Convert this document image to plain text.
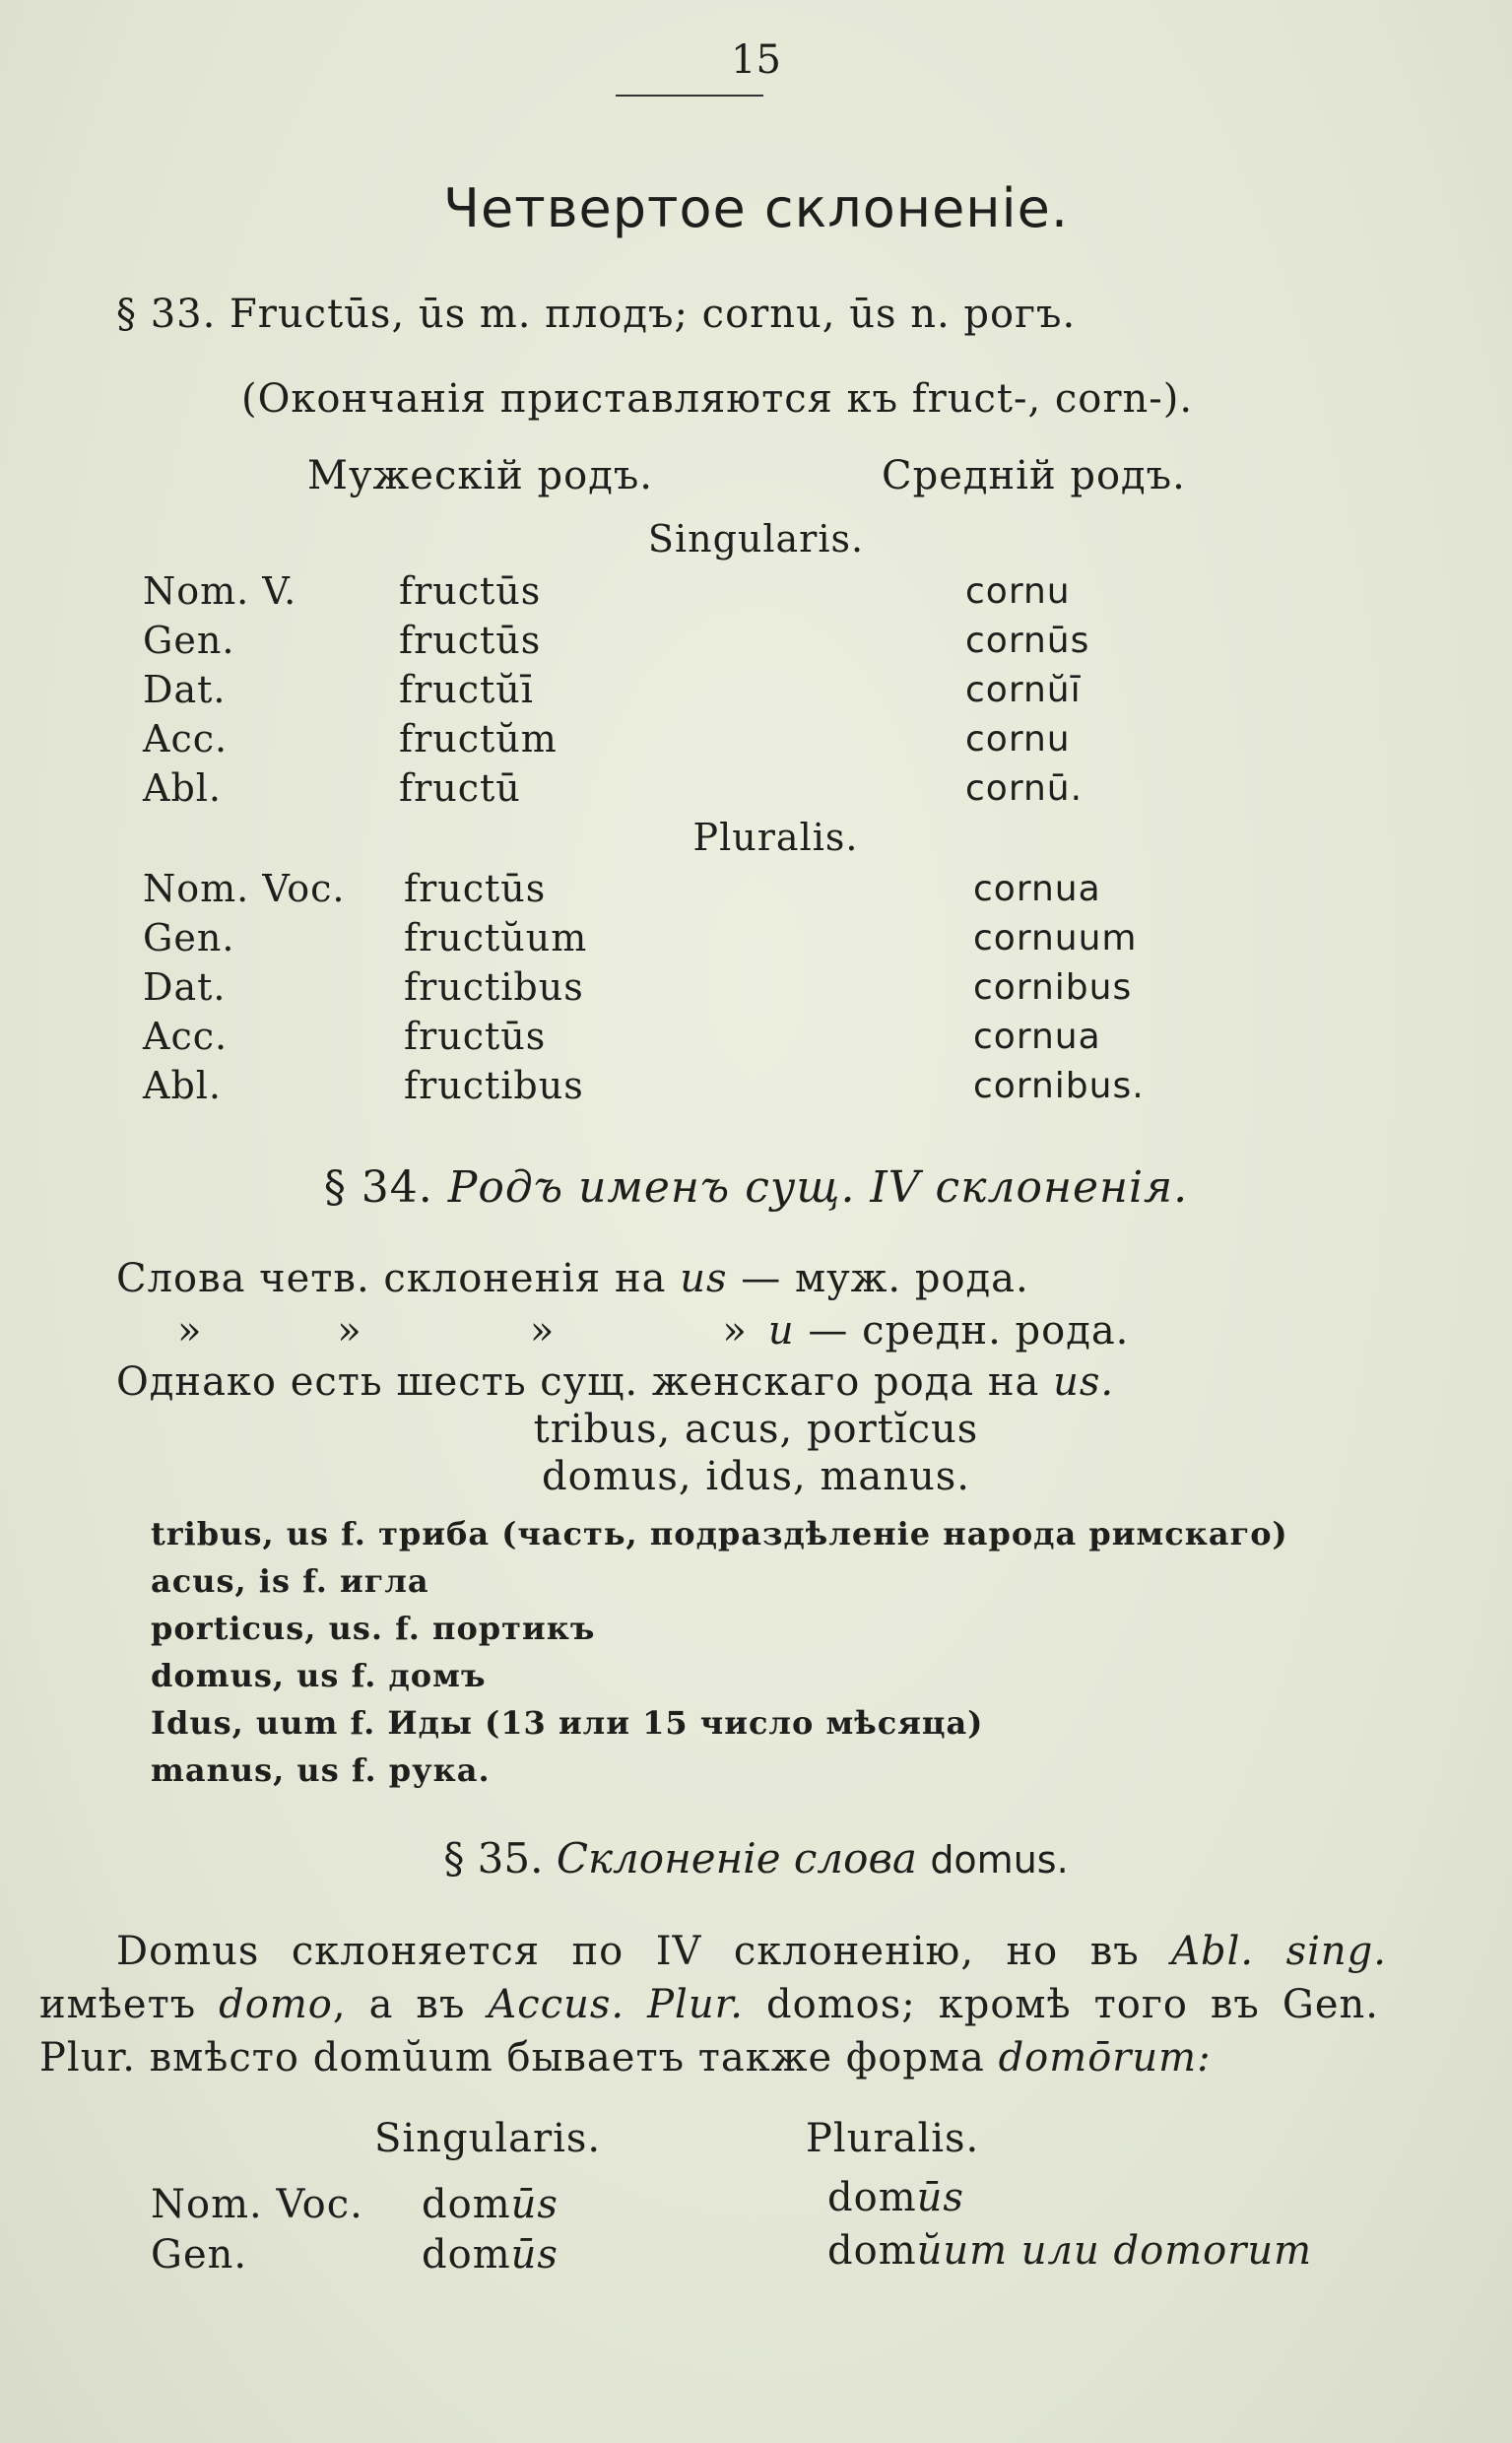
15
Четвертое склоненіе.
§ 33. Fructūs, ūs m. плодъ; cornu, ūs n. рогъ.
(Окончанія приставляются къ fruct-, corn-).
Мужескій родъ.	Средній родъ.
Singularis.
Nom. V.	fructūs	cornu
Gen.	fructūs	cornūs
Dat.	fructŭī	cornŭī
Acc.	fructŭm	cornu
Abl.	fructū	cornū.
Pluralis.
Nom. Voc. fructūs	cornua
Gen.	fructŭum	cornuum
Dat.	fructibus	cornibus
Acc.	fructūs	cornua
Abl.	fructibus	cornibus.
§ 34. Родъ именъ сущ. IV склоненія.
Слова четв. склоненія на us — муж. рода.
»        »          »          » u — средн. рода.
Однако есть шесть сущ. женскаго рода на us.
tribus, acus, portĭcus
domus, idus, manus.
tribus, us f. триба (часть, подраздѣленіе народа римскаго)
acus, is f. игла
porticus, us. f. портикъ
domus, us f. домъ
Idus, uum f. Иды (13 или 15 число мѣсяца)
manus, us f. рука.
§ 35. Склоненіе слова domus.
Domus склоняется по IV склоненію, но въ Abl. sing.
имѣетъ domo, а въ Accus. Plur. domos; кромѣ того въ Gen.
Plur. вмѣсто domŭum бываетъ также форма domōrum:
Singularis.	Pluralis.
Nom. Voc. domūs	domūs
Gen.	domūs	domŭum или domorum
